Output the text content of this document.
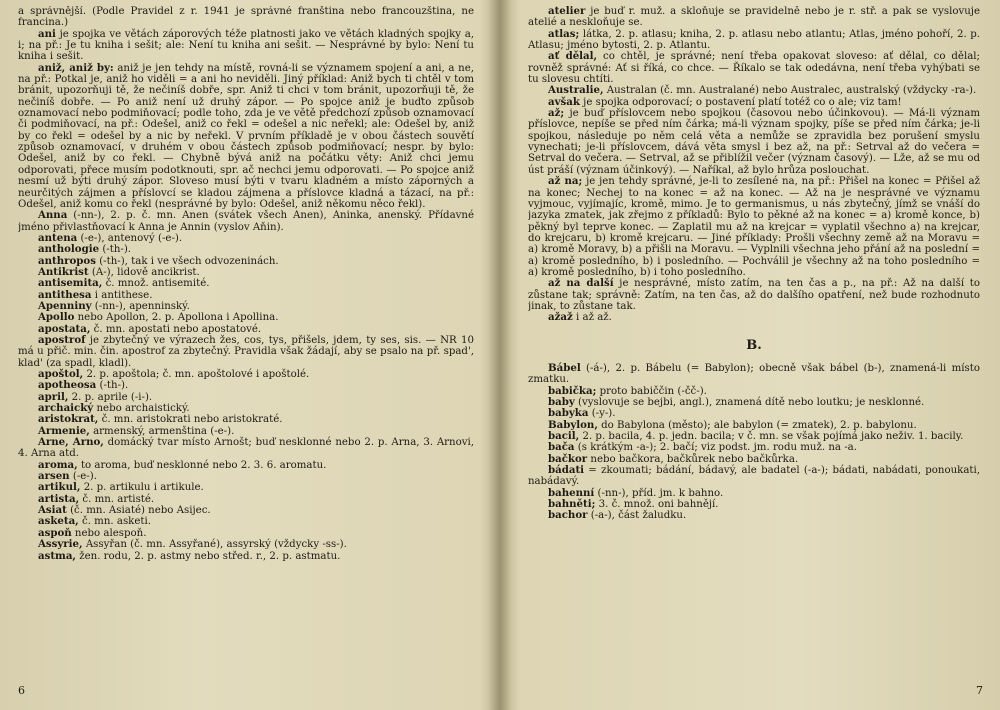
a správnější. (Podle Pravidel z r. 1941 je správné franština nebo francouzština, ne francina.)

ani je spojka ve větách záporových téže platnosti jako ve větách kladných spojky a, i; na př.: Je tu kniha i sešit; ale: Není tu kniha ani sešit. — Nesprávné by bylo: Není tu kniha i sešit.

aniž, aniž by: aniž je jen tehdy na místě, rovná-li se významem spojení a ani, a ne, na př.: Potkal je, aniž ho viděli = a ani ho neviděli. Jiný příklad: Aniž bych ti chtěl v tom bránit, upozorňuji tě, že nečiníš dobře, spr. Aniž ti chci v tom bránit, upozorňuji tě, že nečiníš dobře. — Po aniž není už druhý zápor. — Po spojce aniž je buďto způsob oznamovací nebo podmiňovací; podle toho, zda je ve větě předchozí způsob oznamovací či podmiňovací, na př.: Odešel, aniž co řekl = odešel a nic neřekl; ale: Odešel by, aniž by co řekl = odešel by a nic by neřekl. V prvním příkladě je v obou částech souvětí způsob oznamovací, v druhém v obou částech způsob podmiňovací; nespr. by bylo: Odešel, aniž by co řekl. — Chybně bývá aniž na počátku věty: Aniž chci jemu odporovati, přece musím podotknouti, spr. ač nechci jemu odporovati. — Po spojce aniž nesmí už býti druhý zápor. Sloveso musí býti v tvaru kladném a místo záporných a neurčitých zájmen a příslovcí se kladou zájmena a příslovce kladná a tázací, na př.: Odešel, aniž komu co řekl (nesprávné by bylo: Odešel, aniž někomu něco řekl).

Anna (-nn-), 2. p. č. mn. Anen (svátek všech Anen), Aninka, anenský. Přídavné jméno přivlastňovací k Anna je Annin (vyslov Aňin).

antena (-e-), antenový (-e-).

anthologie (-th-).

anthropos (-th-), tak i ve všech odvozeninách.

Antikrist (A-), lidově ancikrist.

antisemita, č. množ. antisemité.

antithesa i antithese.

Apenniny (-nn-), apenninský.

Apollo nebo Apollon, 2. p. Apollona i Apollina.

apostata, č. mn. apostati nebo apostatové.

apostrof je zbytečný ve výrazech žes, cos, tys, přišels, jdem, ty ses, sis. — NR 10 má u přič. min. čin. apostrof za zbytečný. Pravidla však žádají, aby se psalo na př. spad', klad' (za spadl, kladl).

apoštol, 2. p. apoštola; č. mn. apoštolové i apoštolé.

apotheosa (-th-).

april, 2. p. aprile (-i-).

archaický nebo archaistický.

aristokrat, č. mn. aristokrati nebo aristokraté.

Armenie, armenský, armenština (-e-).

Arne, Arno, domácký tvar místo Arnošt; buď nesklonné nebo 2. p. Arna, 3. Arnovi, 4. Arna atd.

aroma, to aroma, buď nesklonné nebo 2. 3. 6. aromatu.

arsen (-e-).

artikul, 2. p. artikulu i artikule.

artista, č. mn. artisté.

Asiat (č. mn. Asiaté) nebo Asijec.

asketa, č. mn. asketi.

aspoň nebo alespoň.

Assyrie, Assyřan (č. mn. Assyřané), assyrský (vždycky -ss-).

astma, žen. rodu, 2. p. astmy nebo střed. r., 2. p. astmatu.

6

atelier je buď r. muž. a skloňuje se pravidelně nebo je r. stř. a pak se vyslovuje atelié a neskloňuje se.

atlas; látka, 2. p. atlasu; kniha, 2. p. atlasu nebo atlantu; Atlas, jméno pohoří, 2. p. Atlasu; jméno bytosti, 2. p. Atlantu.

ať dělal, co chtěl, je správné; není třeba opakovat sloveso: ať dělal, co dělal; rovněž správné: Ať si říká, co chce. — Říkalo se tak odedávna, není třeba vyhýbati se tu slovesu chtíti.

Australie, Australan (č. mn. Australané) nebo Australec, australský (vždycky -ra-).

avšak je spojka odporovací; o postavení platí totéž co o ale; viz tam!

až; je buď příslovcem nebo spojkou (časovou nebo účinkovou). — Má-li význam příslovce, nepíše se před ním čárka; má-li význam spojky, píše se před ním čárka; je-li spojkou, následuje po něm celá věta a nemůže se zpravidla bez porušení smyslu vynechati; je-li příslovcem, dává věta smysl i bez až, na př.: Setrval až do večera = Setrval do večera. — Setrval, až se přiblížil večer (význam časový). — Lže, až se mu od úst práší (význam účinkový). — Naříkal, až bylo hrůza poslouchat.

až na; je jen tehdy správné, je-li to zesílené na, na př.: Přišel na konec = Přišel až na konec; Nechej to na konec = až na konec. — Až na je nesprávné ve významu vyjmouc, vyjímajíc, kromě, mimo. Je to germanismus, u nás zbytečný, jímž se vnáší do jazyka zmatek, jak zřejmo z příkladů: Bylo to pěkné až na konec = a) kromě konce, b) pěkný byl teprve konec. — Zaplatil mu až na krejcar = vyplatil všechno a) na krejcar, do krejcaru, b) kromě krejcaru. — Jiné příklady: Prošli všechny země až na Moravu = a) kromě Moravy, b) a přišli na Moravu. — Vyplnili všechna jeho přání až na poslední = a) kromě posledního, b) i posledního. — Pochválil je všechny až na toho posledního = a) kromě posledního, b) i toho posledního.

až na další je nesprávné, místo zatím, na ten čas a p., na př.: Až na další to zůstane tak; správně: Zatím, na ten čas, až do dalšího opatření, než bude rozhodnuto jinak, to zůstane tak.

ažaž i až až.

B.

Bábel (-á-), 2. p. Bábelu (= Babylon); obecně však bábel (b-), znamená-li místo zmatku.

babička; proto babiččin (-čč-).

baby (vyslovuje se bejbi, angl.), znamená dítě nebo loutku; je nesklonné.

babyka (-y-).

Babylon, do Babylona (město); ale babylon (= zmatek), 2. p. babylonu.

bacil, 2. p. bacila, 4. p. jedn. bacila; v č. mn. se však pojímá jako neživ. 1. bacily.

bača (s krátkým -a-); 2. bačí; viz podst. jm. rodu muž. na -a.

bačkor nebo bačkora, bačkůrek nebo bačkůrka.

bádati = zkoumati; bádání, bádavý, ale badatel (-a-); bádati, nabádati, ponoukati, nabádavý.

bahenní (-nn-), příd. jm. k bahno.

bahněti; 3. č. množ. oni bahnějí.

bachor (-a-), část žaludku.

7
